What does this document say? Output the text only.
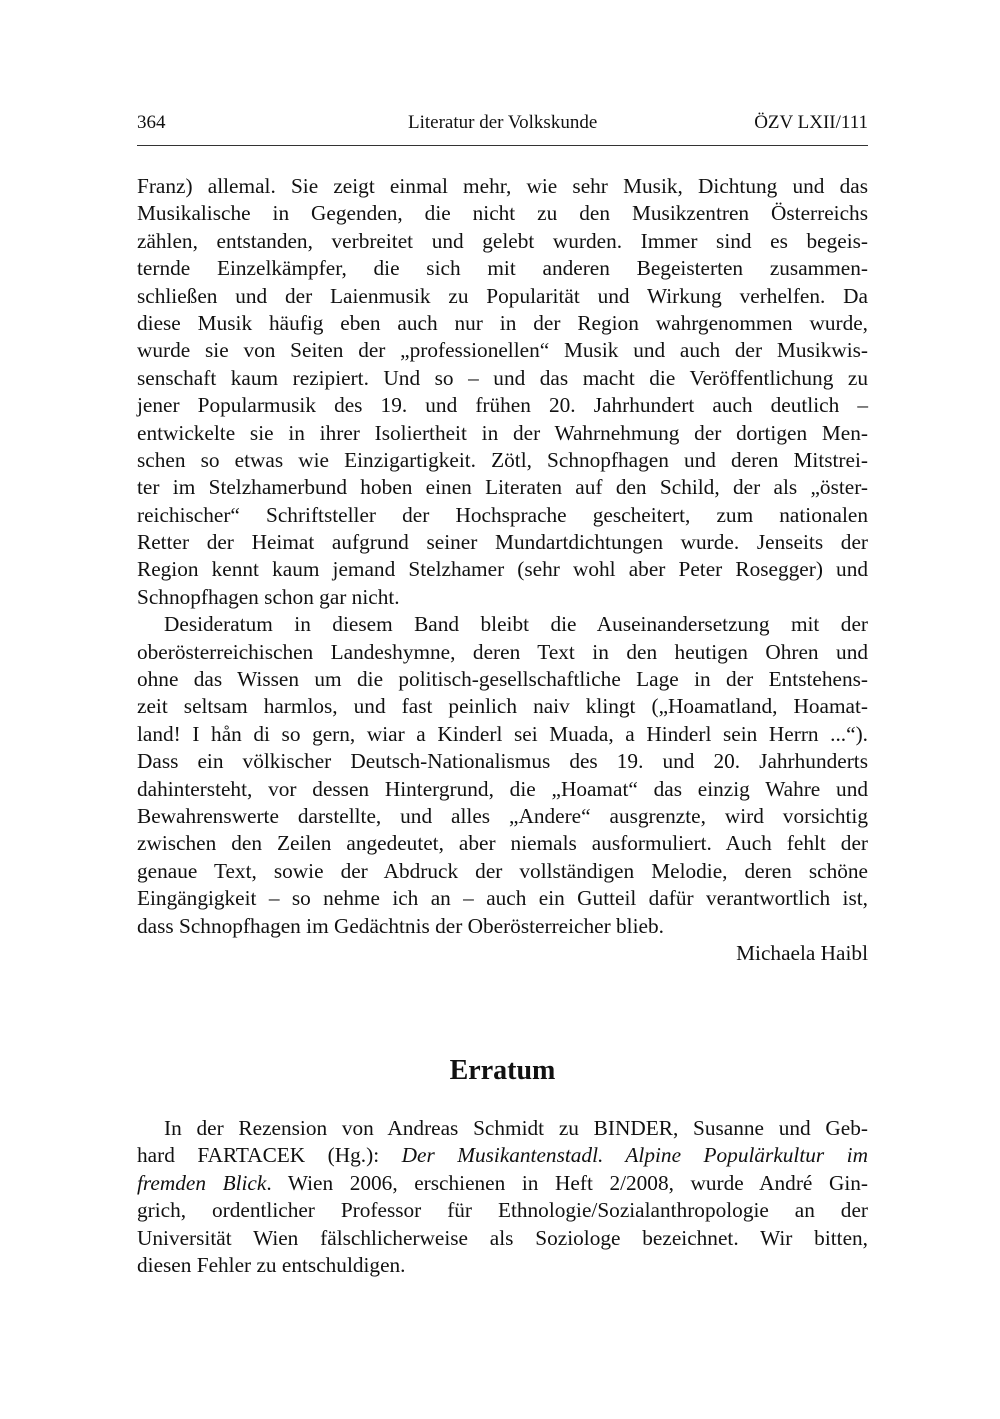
364	Literatur der Volkskunde	ÖZV LXII/111
Franz) allemal. Sie zeigt einmal mehr, wie sehr Musik, Dichtung und das
Musikalische in Gegenden, die nicht zu den Musikzentren Österreichs
zählen, entstanden, verbreitet und gelebt wurden. Immer sind es begeis-
ternde Einzelkämpfer, die sich mit anderen Begeisterten zusammen-
schließen und der Laienmusik zu Popularität und Wirkung verhelfen. Da
diese Musik häufig eben auch nur in der Region wahrgenommen wurde,
wurde sie von Seiten der „professionellen“ Musik und auch der Musikwis-
senschaft kaum rezipiert. Und so – und das macht die Veröffentlichung zu
jener Popularmusik des 19. und frühen 20. Jahrhundert auch deutlich –
entwickelte sie in ihrer Isoliertheit in der Wahrnehmung der dortigen Men-
schen so etwas wie Einzigartigkeit. Zötl, Schnopfhagen und deren Mitstrei-
ter im Stelzhamerbund hoben einen Literaten auf den Schild, der als „öster-
reichischer“ Schriftsteller der Hochsprache gescheitert, zum nationalen
Retter der Heimat aufgrund seiner Mundartdichtungen wurde. Jenseits der
Region kennt kaum jemand Stelzhamer (sehr wohl aber Peter Rosegger) und
Schnopfhagen schon gar nicht.
Desideratum in diesem Band bleibt die Auseinandersetzung mit der
oberösterreichischen Landeshymne, deren Text in den heutigen Ohren und
ohne das Wissen um die politisch-gesellschaftliche Lage in der Entstehens-
zeit seltsam harmlos, und fast peinlich naiv klingt („Hoamatland, Hoamat-
land! I hån di so gern, wiar a Kinderl sei Muada, a Hinderl sein Herrn ...“).
Dass ein völkischer Deutsch-Nationalismus des 19. und 20. Jahrhunderts
dahintersteht, vor dessen Hintergrund, die „Hoamat“ das einzig Wahre und
Bewahrenswerte darstellte, und alles „Andere“ ausgrenzte, wird vorsichtig
zwischen den Zeilen angedeutet, aber niemals ausformuliert. Auch fehlt der
genaue Text, sowie der Abdruck der vollständigen Melodie, deren schöne
Eingängigkeit – so nehme ich an – auch ein Gutteil dafür verantwortlich ist,
dass Schnopfhagen im Gedächtnis der Oberösterreicher blieb.
Michaela Haibl
Erratum
In der Rezension von Andreas Schmidt zu BINDER, Susanne und Geb-
hard FARTACEK (Hg.): Der Musikantenstadl. Alpine Populärkultur im
fremden Blick. Wien 2006, erschienen in Heft 2/2008, wurde André Gin-
grich, ordentlicher Professor für Ethnologie/Sozialanthropologie an der
Universität Wien fälschlicherweise als Soziologe bezeichnet. Wir bitten,
diesen Fehler zu entschuldigen.
